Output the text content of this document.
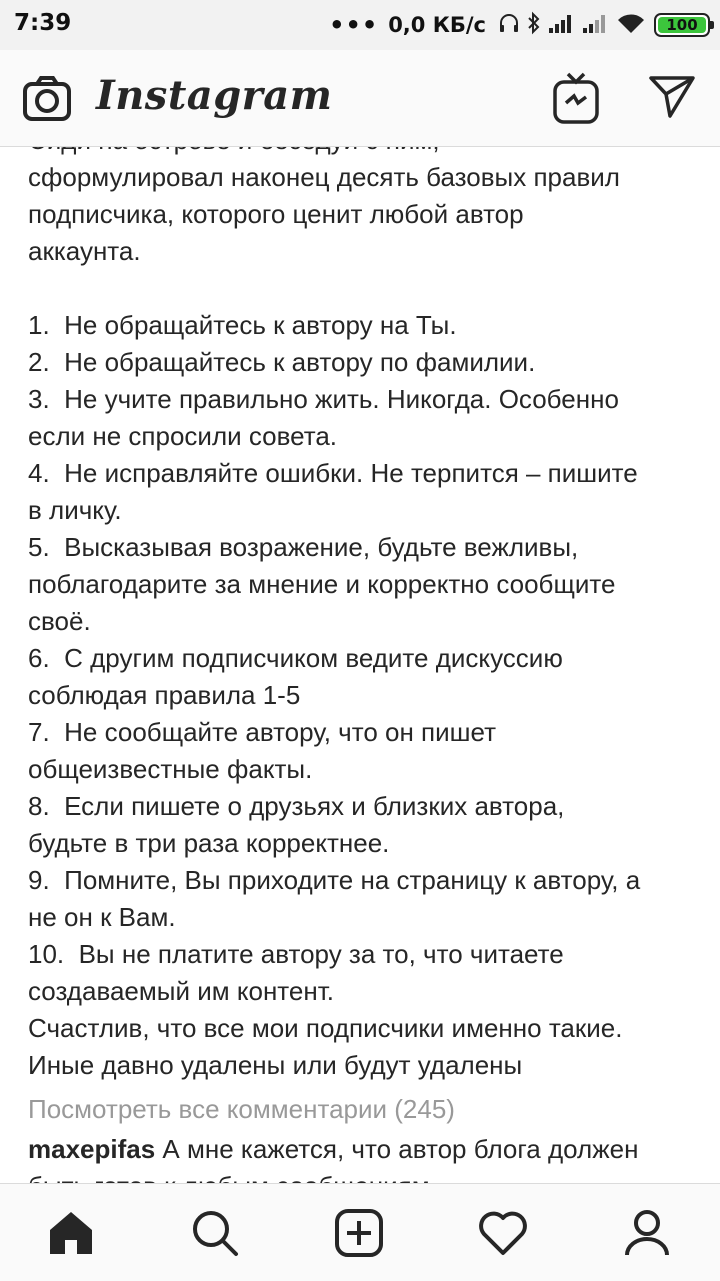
7:39	••• 0,0 КБ/с	100
Instagram
сформулировал наконец десять базовых правил
подписчика, которого ценит любой автор
аккаунта.
1.  Не обращайтесь к автору на Ты.
2.  Не обращайтесь к автору по фамилии.
3.  Не учите правильно жить. Никогда. Особенно
если не спросили совета.
4.  Не исправляйте ошибки. Не терпится – пишите
в личку.
5.  Высказывая возражение, будьте вежливы,
поблагодарите за мнение и корректно сообщите
своё.
6.  С другим подписчиком ведите дискуссию
соблюдая правила 1-5
7.  Не сообщайте автору, что он пишет
общеизвестные факты.
8.  Если пишете о друзьях и близких автора,
будьте в три раза корректнее.
9.  Помните, Вы приходите на страницу к автору, а
не он к Вам.
10.  Вы не платите автору за то, что читаете
создаваемый им контент.
Счастлив, что все мои подписчики именно такие.
Иные давно удалены или будут удалены
Посмотреть все комментарии (245)
maxepifas А мне кажется, что автор блога должен
